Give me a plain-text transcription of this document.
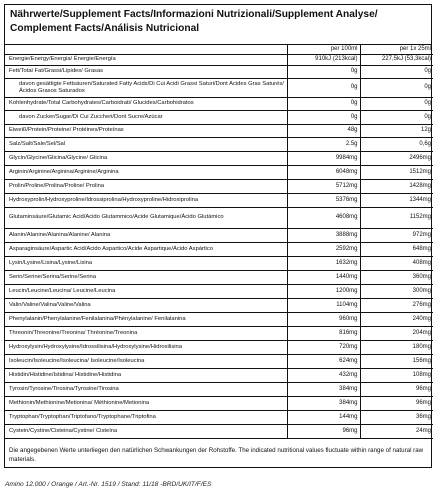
Nährwerte/Supplement Facts/Informazioni Nutrizionali/Supplement Analyse/
Complement Facts/Análisis Nutricional
	per 100ml	per 1x 25ml
Energie/Energy/Energia/ Énergie/Energía	910kJ (213kcal)	227,5kJ (53,3kcal)
Fett/Total Fat/Grassi/Lipides/ Grasas	0g	0g
davon gesättigte Fettsäuren/Saturated Fatty Acids/Di Cui Acidi Grassi Saturi/Dont Acides Gras Saturés/Ácidos Grasos Saturados	0g	0g
Kohlenhydrate/Total Carbohydrates/Carboidrati/ Glucides/Carbohidratos	0g	0g
davon Zucker/Sugar/Di Cui Zuccheri/Dont Sucre/Azúcar	0g	0g
Eiweiß/Protein/Proteine/ Protéines/Proteínas	48g	12g
Salz/Salt/Sale/Sel/Sal	2.5g	0,6g
Glycin/Glycine/Glicina/Glycine/ Glicina	9984mg	2496mg
Arginin/Arginine/Arginina/Arginine/Arginina	6048mg	1512mg
Prolin/Proline/Prolina/Proline/ Prolina	5712mg	1428mg
Hydroxyprolin/Hydroxyproline/Idrossiprolina/Hydroxyproline/Hidroxiprolina	5376mg	1344mg
Glutaminsäure/Glutamic Acid/Acido Glutammico/Acide Glutamique/Ácido Glutámico	4608mg	1152mg
Alanin/Alanine/Alanina/Alanine/ Alanina	3888mg	972mg
Asparaginsäure/Aspartic Acid/Acido Aspartico/Acide Aspartique/Ácido Aspártico	2592mg	648mg
Lysin/Lysine/Lisina/Lysine/Lisina	1632mg	408mg
Serin/Serine/Serina/Serine/Serina	1440mg	360mg
Leucin/Leucine/Leucina/ Leucine/Leucina	1200mg	300mg
Valin/Valine/Valina/Valine/Valina	1104mg	276mg
Phenylalanin/Phenylalanine/Fenilalanina/Phénylalanine/ Fenilalanina	960mg	240mg
Threonin/Threonine/Treonina/ Thréonine/Treonina	816mg	204mg
Hydroxylysin/Hydroxylysine/Idrossilisina/Hydroxylysine/Hidroxilisina	720mg	180mg
Isoleucin/Isoleucine/Isoleucina/ Isoleucine/Isoleucina	624mg	156mg
Histidin/Histidine/Istidina/ Histidine/Histidina	432mg	108mg
Tyrosin/Tyrosine/Tirosina/Tyrosine/Tirosina	384mg	96mg
Methionin/Methionine/Metionina/ Méthionine/Metionina	384mg	96mg
Tryptophan/Tryptophan/Triptofano/Tryptophane/Triptofina	144mg	36mg
Cystein/Cystine/Cisteina/Cystine/ Cisteína	96mg	24mg
Die angegebenen Werte unterliegen den natürlichen Schwankungen der Rohstoffe. The indicated nutritional values fluctuate within range of natural raw materials.
Amino 12.000 / Orange / Art.-Nr. 1519 / Stand: 11/18 -BRD/UK/IT/F/ES
